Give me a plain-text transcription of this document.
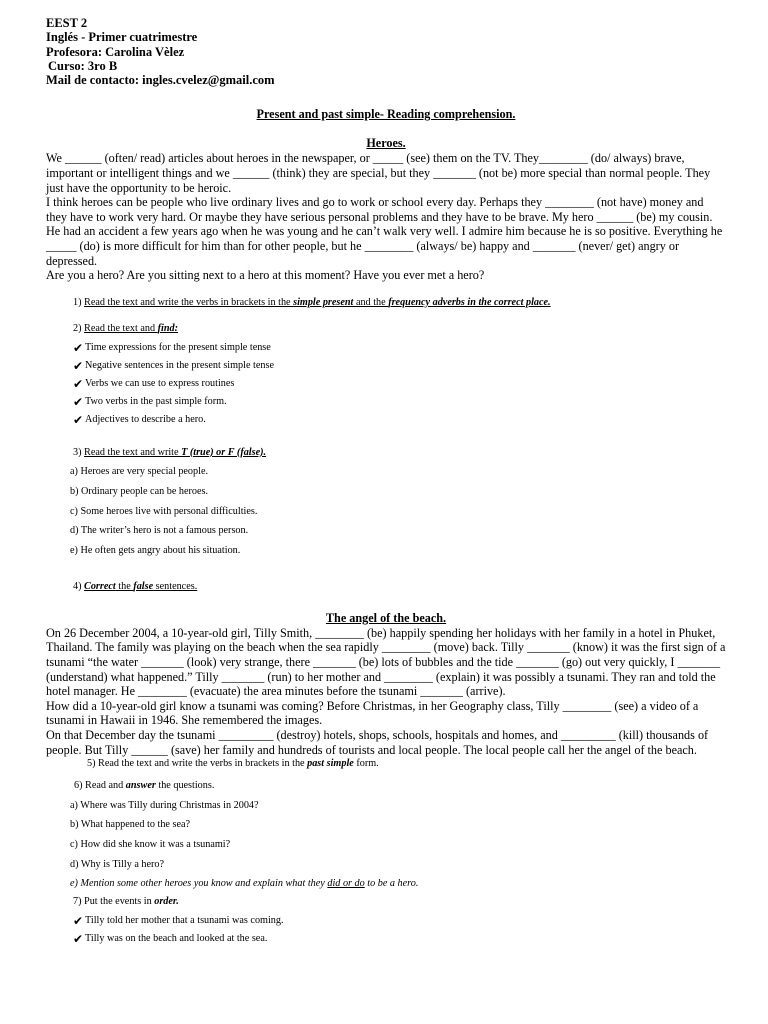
EEST 2
Inglés - Primer cuatrimestre
Profesora: Carolina Vèlez
Curso: 3ro B
Mail de contacto: ingles.cvelez@gmail.com
Present and past simple- Reading comprehension.
Heroes.
We ______ (often/ read) articles about heroes in the newspaper, or _____ (see) them on the TV. They________ (do/ always) brave, important or intelligent things and we ______ (think) they are special, but they _______ (not be) more special than normal people. They just have the opportunity to be heroic.
I think heroes can be people who live ordinary lives and go to work or school every day. Perhaps they ________ (not have) money and they have to work very hard. Or maybe they have serious personal problems and they have to be brave. My hero ______ (be) my cousin. He had an accident a few years ago when he was young and he can’t walk very well. I admire him because he is so positive. Everything he _____ (do) is more difficult for him than for other people, but he ________ (always/ be) happy and _______ (never/ get) angry or depressed.
Are you a hero? Are you sitting next to a hero at this moment? Have you ever met a hero?
1) Read the text and write the verbs in brackets in the simple present and the frequency adverbs in the correct place.
2) Read the text and find:
✔ Time expressions for the present simple tense
✔ Negative sentences in the present simple tense
✔ Verbs we can use to express routines
✔ Two verbs in the past simple form.
✔ Adjectives to describe a hero.
3) Read the text and write T (true) or F (false).
a) Heroes are very special people.
b) Ordinary people can be heroes.
c) Some heroes live with personal difficulties.
d) The writer’s hero is not a famous person.
e) He often gets angry about his situation.
4) Correct the false sentences.
The angel of the beach.
On 26 December 2004, a 10-year-old girl, Tilly Smith, ________ (be) happily spending her holidays with her family in a hotel in Phuket, Thailand. The family was playing on the beach when the sea rapidly ________ (move) back. Tilly _______ (know) it was the first sign of a tsunami “the water _______ (look) very strange, there _______ (be) lots of bubbles and the tide _______ (go) out very quickly, I _______ (understand) what happened.” Tilly _______ (run) to her mother and ________ (explain) it was possibly a tsunami. They ran and told the hotel manager. He ________ (evacuate) the area minutes before the tsunami _______ (arrive).
How did a 10-year-old girl know a tsunami was coming? Before Christmas, in her Geography class, Tilly ________ (see) a video of a tsunami in Hawaii in 1946. She remembered the images.
On that December day the tsunami _________ (destroy) hotels, shops, schools, hospitals and homes, and _________ (kill) thousands of people. But Tilly ______ (save) her family and hundreds of tourists and local people. The local people call her the angel of the beach.
5) Read the text and write the verbs in brackets in the past simple form.
6) Read and answer the questions.
a) Where was Tilly during Christmas in 2004?
b) What happened to the sea?
c) How did she know it was a tsunami?
d) Why is Tilly a hero?
e) Mention some other heroes you know and explain what they did or do to be a hero.
7) Put the events in order.
✔ Tilly told her mother that a tsunami was coming.
✔ Tilly was on the beach and looked at the sea.
